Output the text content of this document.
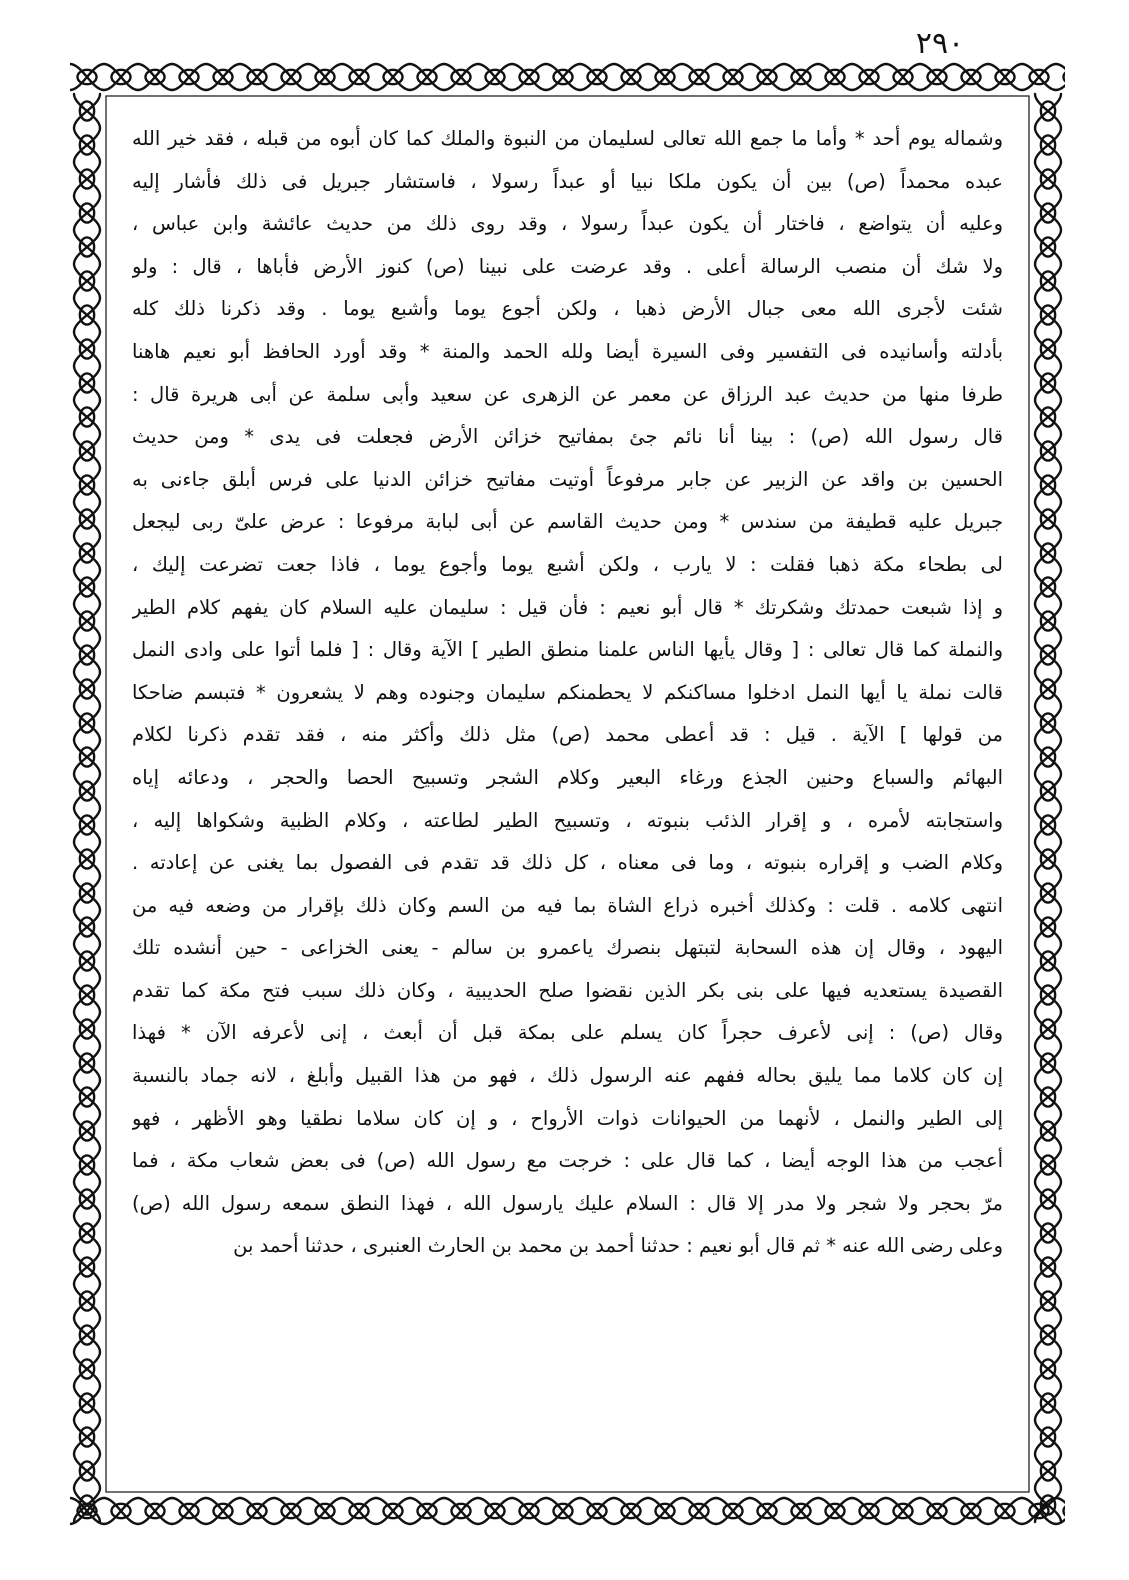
٢٩٠
وشماله يوم أحد * وأما ما جمع الله تعالى لسليمان من النبوة والملك كما كان أبوه من قبله ، فقد خير الله
عبده محمداً (ص) بين أن يكون ملكا نبيا أو عبداً رسولا ، فاستشار جبريل فى ذلك فأشار إليه
وعليه أن يتواضع ، فاختار أن يكون عبداً رسولا ، وقد روى ذلك من حديث عائشة وابن عباس ،
ولا شك أن منصب الرسالة أعلى . وقد عرضت على نبينا (ص) كنوز الأرض فأباها ، قال : ولو
شئت لأجرى الله معى جبال الأرض ذهبا ، ولكن أجوع يوما وأشبع يوما . وقد ذكرنا ذلك كله
بأدلته وأسانيده فى التفسير وفى السيرة أيضا ولله الحمد والمنة * وقد أورد الحافظ أبو نعيم هاهنا
طرفا منها من حديث عبد الرزاق عن معمر عن الزهرى عن سعيد وأبى سلمة عن أبى هريرة قال :
قال رسول الله (ص) : بينا أنا نائم جئ بمفاتيح خزائن الأرض فجعلت فى يدى * ومن حديث
الحسين بن واقد عن الزبير عن جابر مرفوعاً أوتيت مفاتيح خزائن الدنيا على فرس أبلق جاءنى به
جبريل عليه قطيفة من سندس * ومن حديث القاسم عن أبى لبابة مرفوعا : عرض علىّ ربى ليجعل
لى بطحاء مكة ذهبا فقلت : لا يارب ، ولكن أشبع يوما وأجوع يوما ، فاذا جعت تضرعت إليك ،
و إذا شبعت حمدتك وشكرتك * قال أبو نعيم : فأن قيل : سليمان عليه السلام كان يفهم كلام الطير
والنملة كما قال تعالى : [ وقال يأيها الناس علمنا منطق الطير ] الآية وقال : [ فلما أتوا على وادى النمل
قالت نملة يا أيها النمل ادخلوا مساكنكم لا يحطمنكم سليمان وجنوده وهم لا يشعرون * فتبسم ضاحكا
من قولها ] الآية . قيل : قد أعطى محمد (ص) مثل ذلك وأكثر منه ، فقد تقدم ذكرنا لكلام
البهائم والسباع وحنين الجذع ورغاء البعير وكلام الشجر وتسبيح الحصا والحجر ، ودعائه إياه
واستجابته لأمره ، و إقرار الذئب بنبوته ، وتسبيح الطير لطاعته ، وكلام الظبية وشكواها إليه ،
وكلام الضب و إقراره بنبوته ، وما فى معناه ، كل ذلك قد تقدم فى الفصول بما يغنى عن إعادته .
انتهى كلامه . قلت : وكذلك أخبره ذراع الشاة بما فيه من السم وكان ذلك بإقرار من وضعه فيه من
اليهود ، وقال إن هذه السحابة لتبتهل بنصرك ياعمرو بن سالم - يعنى الخزاعى - حين أنشده تلك
القصيدة يستعديه فيها على بنى بكر الذين نقضوا صلح الحديبية ، وكان ذلك سبب فتح مكة كما تقدم
وقال (ص) : إنى لأعرف حجراً كان يسلم على بمكة قبل أن أبعث ، إنى لأعرفه الآن * فهذا
إن كان كلاما مما يليق بحاله ففهم عنه الرسول ذلك ، فهو من هذا القبيل وأبلغ ، لانه جماد بالنسبة
إلى الطير والنمل ، لأنهما من الحيوانات ذوات الأرواح ، و إن كان سلاما نطقيا وهو الأظهر ، فهو
أعجب من هذا الوجه أيضا ، كما قال على : خرجت مع رسول الله (ص) فى بعض شعاب مكة ، فما
مرّ بحجر ولا شجر ولا مدر إلا قال : السلام عليك يارسول الله ، فهذا النطق سمعه رسول الله (ص)
وعلى رضى الله عنه * ثم قال أبو نعيم : حدثنا أحمد بن محمد بن الحارث العنبرى ، حدثنا أحمد بن
